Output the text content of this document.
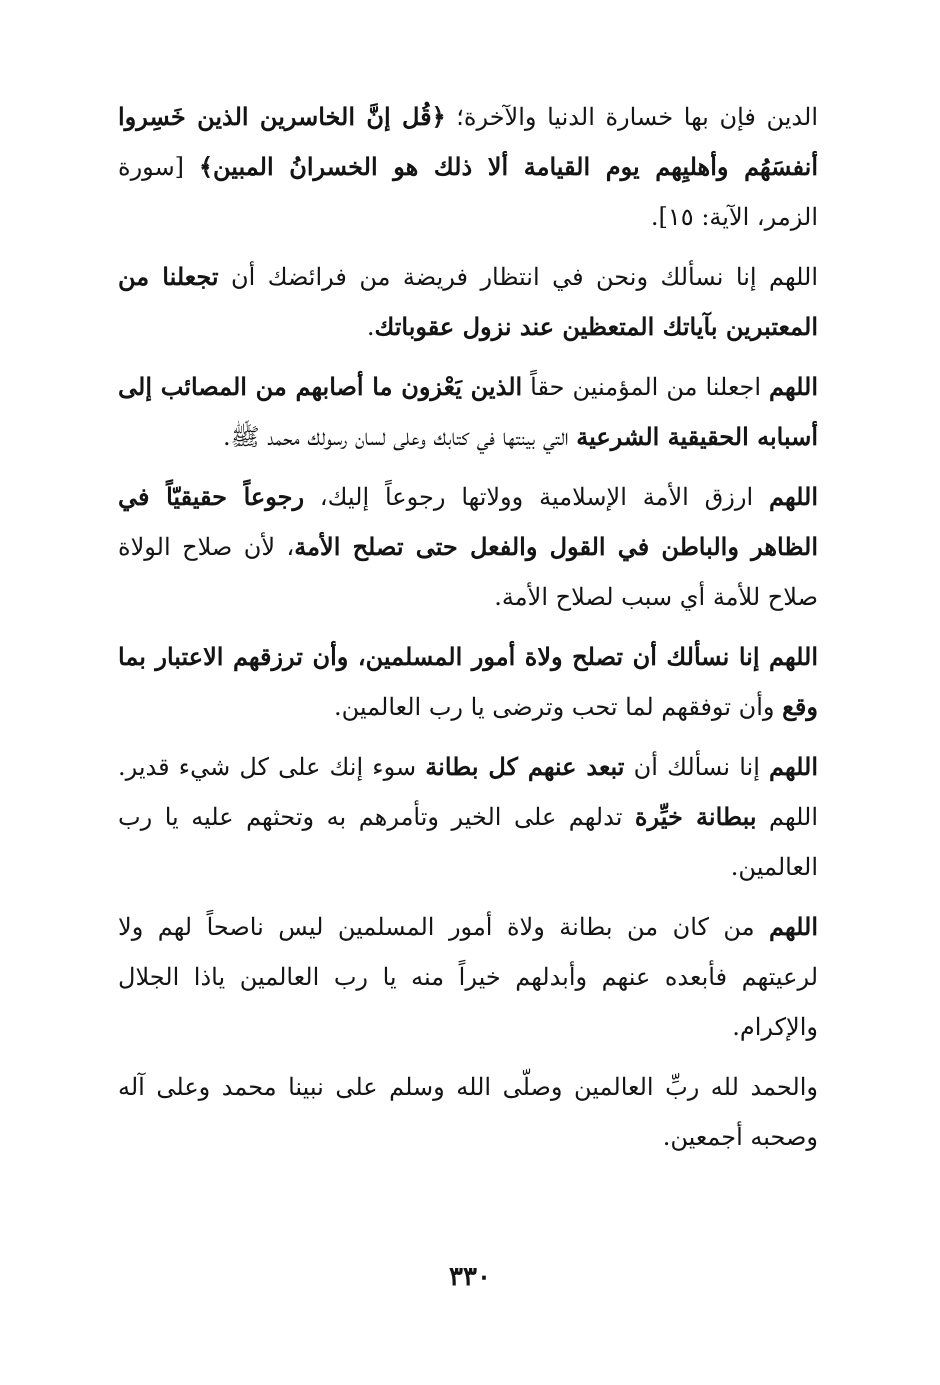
الدين فإن بها خسارة الدنيا والآخرة؛ ﴿قُل إنَّ الخاسرين الذين خَسِروا أنفسَهُم وأهليِهم يوم القيامة ألا ذلك هو الخسرانُ المبين﴾ [سورة الزمر، الآية: ١٥].

اللهم إنا نسألك ونحن في انتظار فريضة من فرائضك أن تجعلنا من المعتبرين بآياتك المتعظين عند نزول عقوباتك.

اللهم اجعلنا من المؤمنين حقاً الذين يَعْزون ما أصابهم من المصائب إلى أسبابه الحقيقية الشرعية التي بينتها في كتابك وعلى لسان رسولك محمد ﷺ.

اللهم ارزق الأمة الإسلامية وولاتها رجوعاً إليك، رجوعاً حقيقيّاً في الظاهر والباطن في القول والفعل حتى تصلح الأمة، لأن صلاح الولاة صلاح للأمة أي سبب لصلاح الأمة.

اللهم إنا نسألك أن تصلح ولاة أمور المسلمين، وأن ترزقهم الاعتبار بما وقع وأن توفقهم لما تحب وترضى يا رب العالمين.

اللهم إنا نسألك أن تبعد عنهم كل بطانة سوء إنك على كل شيء قدير. اللهم ببطانة خيِّرة تدلهم على الخير وتأمرهم به وتحثهم عليه يا رب العالمين.

اللهم من كان من بطانة ولاة أمور المسلمين ليس ناصحاً لهم ولا لرعيتهم فأبعده عنهم وأبدلهم خيراً منه يا رب العالمين ياذا الجلال والإكرام.

والحمد لله ربِّ العالمين وصلّى الله وسلم على نبينا محمد وعلى آله وصحبه أجمعين.

٣٣٠
